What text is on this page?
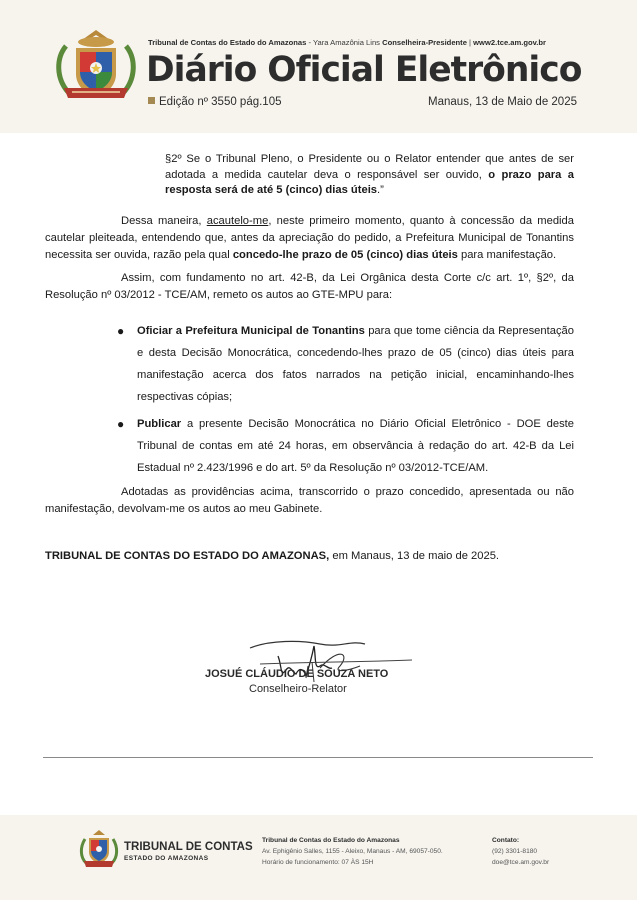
Tribunal de Contas do Estado do Amazonas - Yara Amazônia Lins Conselheira-Presidente | www2.tce.am.gov.br
Diário Oficial Eletrônico
Edição nº 3550 pág.105	Manaus, 13 de Maio de 2025
§2º Se o Tribunal Pleno, o Presidente ou o Relator entender que antes de ser adotada a medida cautelar deva o responsável ser ouvido, o prazo para a resposta será de até 5 (cinco) dias úteis.”

Dessa maneira, acautelo-me, neste primeiro momento, quanto à concessão da medida cautelar pleiteada, entendendo que, antes da apreciação do pedido, a Prefeitura Municipal de Tonantins necessita ser ouvida, razão pela qual concedo-lhe prazo de 05 (cinco) dias úteis para manifestação.

Assim, com fundamento no art. 42-B, da Lei Orgânica desta Corte c/c art. 1º, §2º, da Resolução nº 03/2012 - TCE/AM, remeto os autos ao GTE-MPU para:

● Oficiar a Prefeitura Municipal de Tonantins para que tome ciência da Representação e desta Decisão Monocrática, concedendo-lhes prazo de 05 (cinco) dias úteis para manifestação acerca dos fatos narrados na petição inicial, encaminhando-lhes respectivas cópias;
● Publicar a presente Decisão Monocrática no Diário Oficial Eletrônico - DOE deste Tribunal de contas em até 24 horas, em observância à redação do art. 42-B da Lei Estadual nº 2.423/1996 e do art. 5º da Resolução nº 03/2012-TCE/AM.

Adotadas as providências acima, transcorrido o prazo concedido, apresentada ou não manifestação, devolvam-me os autos ao meu Gabinete.

TRIBUNAL DE CONTAS DO ESTADO DO AMAZONAS, em Manaus, 13 de maio de 2025.

JOSUÉ CLÁUDIO DE SOUZA NETO
Conselheiro-Relator
TRIBUNAL DE CONTAS
ESTADO DO AMAZONAS
Tribunal de Contas do Estado do Amazonas
Av. Ephigênio Salles, 1155 - Aleixo, Manaus - AM, 69057-050.
Horário de funcionamento: 07 ÀS 15H
Contato:
(92) 3301-8180
doe@tce.am.gov.br
